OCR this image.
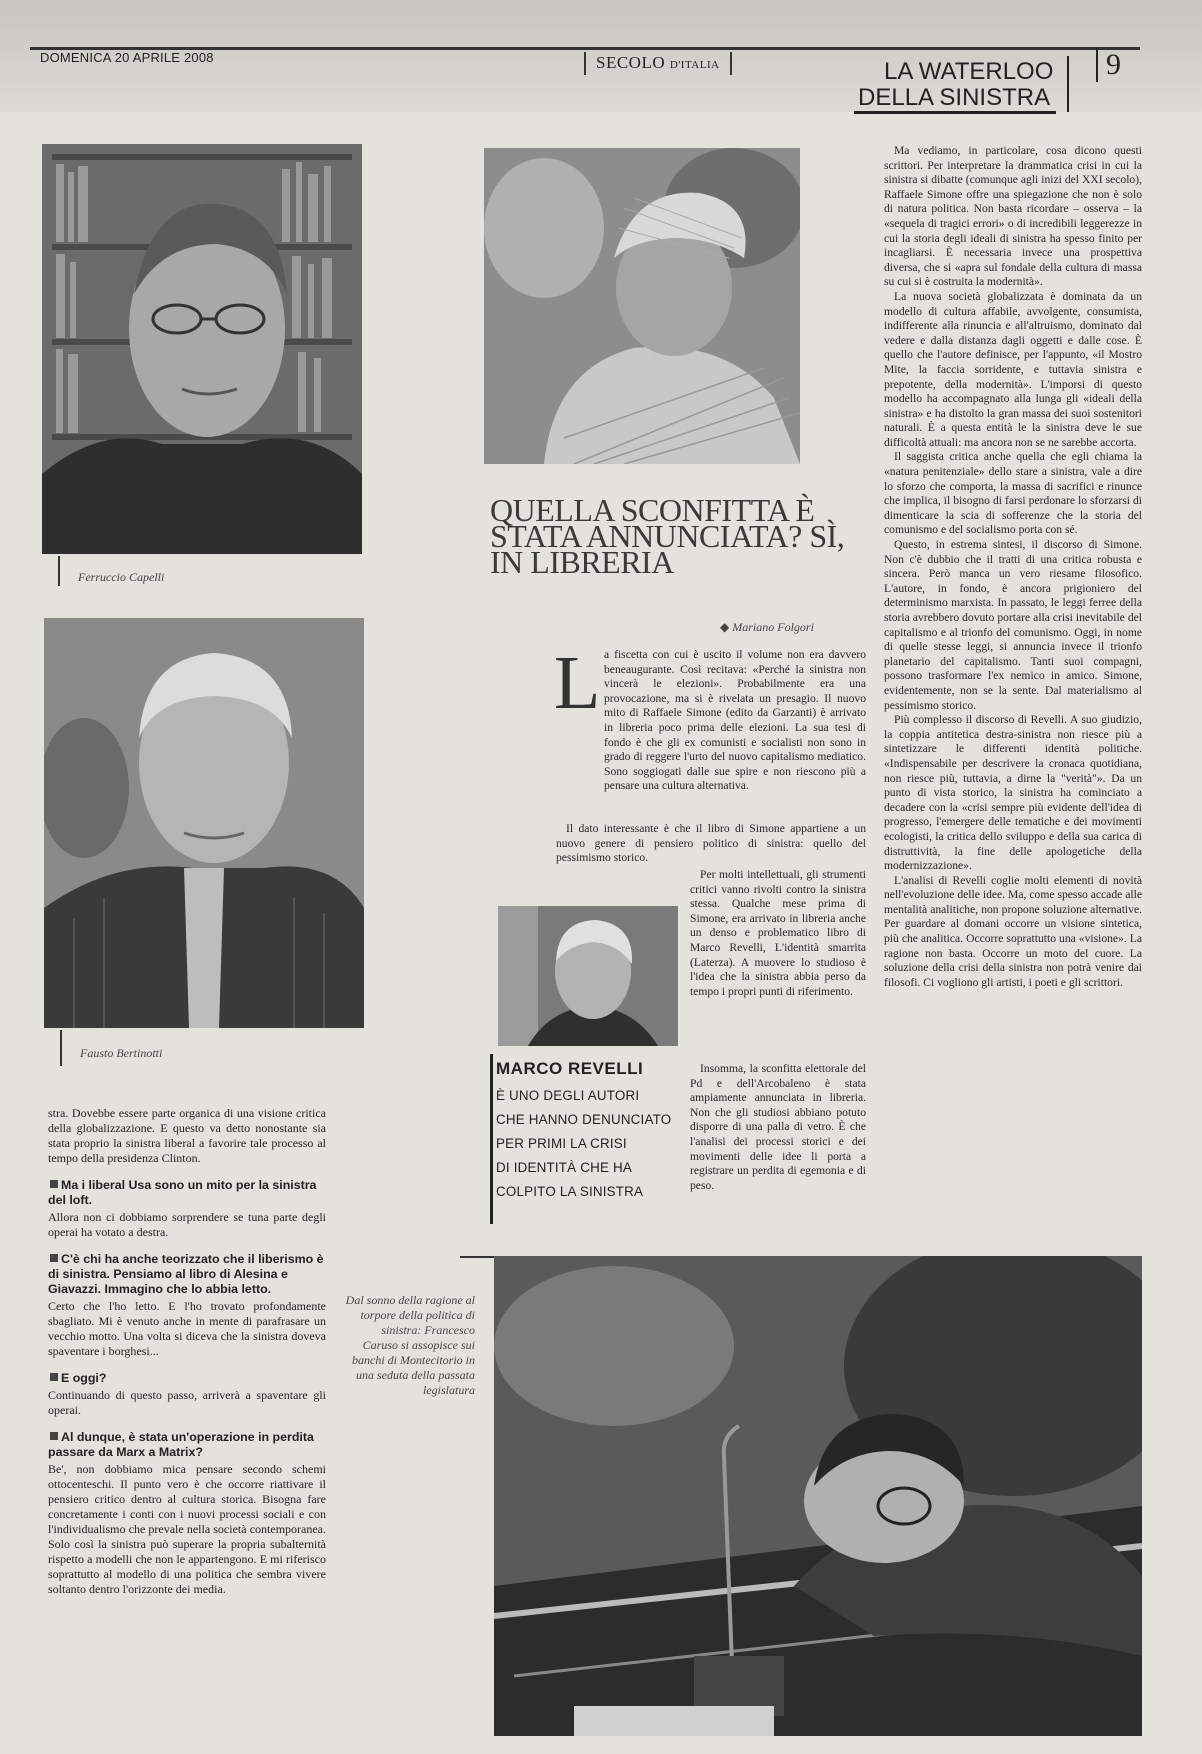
DOMENICA 20 APRILE 2008	SECOLO D'ITALIA	LA WATERLOO
DELLA SINISTRA
9
Ferruccio Capelli
Fausto Bertinotti
stra. Dovebbe essere parte organica di una visione critica della globalizzazione. E questo va detto nonostante sia stata proprio la sinistra liberal a favorire tale processo al tempo della presidenza Clinton.
Ma i liberal Usa sono un mito per la sinistra del loft.
Allora non ci dobbiamo sorprendere se tuna parte degli operai ha votato a destra.
C'è chi ha anche teorizzato che il liberismo è di sinistra. Pensiamo al libro di Alesina e Giavazzi. Immagino che lo abbia letto.
Certo che l'ho letto. E l'ho trovato profondamente sbagliato. Mi è venuto anche in mente di parafrasare un vecchio motto. Una volta si diceva che la sinistra doveva spaventare i borghesi...
E oggi?
Continuando di questo passo, arriverà a spaventare gli operai.
Al dunque, è stata un'operazione in perdita passare da Marx a Matrix?
Be', non dobbiamo mica pensare secondo schemi ottocenteschi. Il punto vero è che occorre riattivare il pensiero critico dentro al cultura storica. Bisogna fare concretamente i conti con i nuovi processi sociali e con l'individualismo che prevale nella società contemporanea. Solo così la sinistra può superare la propria subalternità rispetto a modelli che non le appartengono. E mi riferisco soprattutto al modello di una politica che sembra vivere soltanto dentro l'orizzonte dei media.
QUELLA SCONFITTA È STATA ANNUNCIATA? SÌ, IN LIBRERIA
◆ Mariano Folgori
L a fiscetta con cui è uscito il volume non era davvero beneaugurante. Così recitava: «Perché la sinistra non vincerà le elezioni». Probabilmente era una provocazione, ma si è rivelata un presagio. Il nuovo mito di Raffaele Simone (edito da Garzanti) è arrivato in libreria poco prima delle elezioni. La sua tesi di fondo è che gli ex comunisti e socialisti non sono in grado di reggere l'urto del nuovo capitalismo mediatico. Sono soggiogati dalle sue spire e non riescono più a pensare una cultura alternativa.

Il dato interessante è che il libro di Simone appartiene a un nuovo genere di pensiero politico di sinistra: quello del pessimismo storico.

Per molti intellettuali, gli strumenti critici vanno rivolti contro la sinistra stessa. Qualche mese prima di Simone, era arrivato in libreria anche un denso e problematico libro di Marco Revelli, L'identità smarrita (Laterza). A muovere lo studioso è l'idea che la sinistra abbia perso da tempo i propri punti di riferimento.

Insomma, la sconfitta elettorale del Pd e dell'Arcobaleno è stata ampiamente annunciata in libreria. Non che gli studiosi abbiano potuto disporre di una palla di vetro. È che l'analisi dei processi storici e dei movimenti delle idee li porta a registrare un perdita di egemonia e di peso.

MARCO REVELLI
È UNO DEGLI AUTORI
CHE HANNO DENUNCIATO
PER PRIMI LA CRISI
DI IDENTITÀ CHE HA
COLPITO LA SINISTRA

Ma vediamo, in particolare, cosa dicono questi scrittori. Per interpretare la drammatica crisi in cui la sinistra si dibatte (comunque agli inizi del XXI secolo), Raffaele Simone offre una spiegazione che non è solo di natura politica. Non basta ricordare – osserva – la «sequela di tragici errori» o di incredibili leggerezze in cui la storia degli ideali di sinistra ha spesso finito per incagliarsi. È necessaria invece una prospettiva diversa, che si «apra sul fondale della cultura di massa su cui si è costruita la modernità».

La nuova società globalizzata è dominata da un modello di cultura affabile, avvolgente, consumista, indifferente alla rinuncia e all'altruismo, dominato dal vedere e dalla distanza dagli oggetti e dalle cose. È quello che l'autore definisce, per l'appunto, «il Mostro Mite, la faccia sorridente, e tuttavia sinistra e prepotente, della modernità». L'imporsi di questo modello ha accompagnato alla lunga gli «ideali della sinistra» e ha distolto la gran massa dei suoi sostenitori naturali. È a questa entità le la sinistra deve le sue difficoltà attuali: ma ancora non se ne sarebbe accorta.

Il saggista critica anche quella che egli chiama la «natura penitenziale» dello stare a sinistra, vale a dire lo sforzo che comporta, la massa di sacrifici e rinunce che implica, il bisogno di farsi perdonare lo sforzarsi di dimenticare la scia di sofferenze che la storia del comunismo e del socialismo porta con sé.

Questo, in estrema sintesi, il discorso di Simone. Non c'è dubbio che il tratti di una critica robusta e sincera. Però manca un vero riesame filosofico. L'autore, in fondo, è ancora prigioniero del determinismo marxista. In passato, le leggi ferree della storia avrebbero dovuto portare alla crisi inevitabile del capitalismo e al trionfo del comunismo. Oggi, in nome di quelle stesse leggi, si annuncia invece il trionfo planetario del capitalismo. Tanti suoi compagni, possono trasformare l'ex nemico in amico. Simone, evidentemente, non se la sente. Dal materialismo al pessimismo storico.

Più complesso il discorso di Revelli. A suo giudizio, la coppia antitetica destra-sinistra non riesce più a sintetizzare le differenti identità politiche. «Indispensabile per descrivere la cronaca quotidiana, non riesce più, tuttavia, a dirne la "verità"». Da un punto di vista storico, la sinistra ha cominciato a decadere con la «crisi sempre più evidente dell'idea di progresso, l'emergere delle tematiche e dei movimenti ecologisti, la critica dello sviluppo e della sua carica di distruttività, la fine delle apologetiche della modernizzazione».

L'analisi di Revelli coglie molti elementi di novità nell'evoluzione delle idee. Ma, come spesso accade alle mentalità analitiche, non propone soluzione alternative. Per guardare al domani occorre un visione sintetica, più che analitica. Occorre soprattutto una «visione». La ragione non basta. Occorre un moto del cuore. La soluzione della crisi della sinistra non potrà venire dai filosofi. Ci vogliono gli artisti, i poeti e gli scrittori.

Dal sonno della ragione al torpore della politica di sinistra: Francesco Caruso si assopisce sui banchi di Montecitorio in una seduta della passata legislatura
